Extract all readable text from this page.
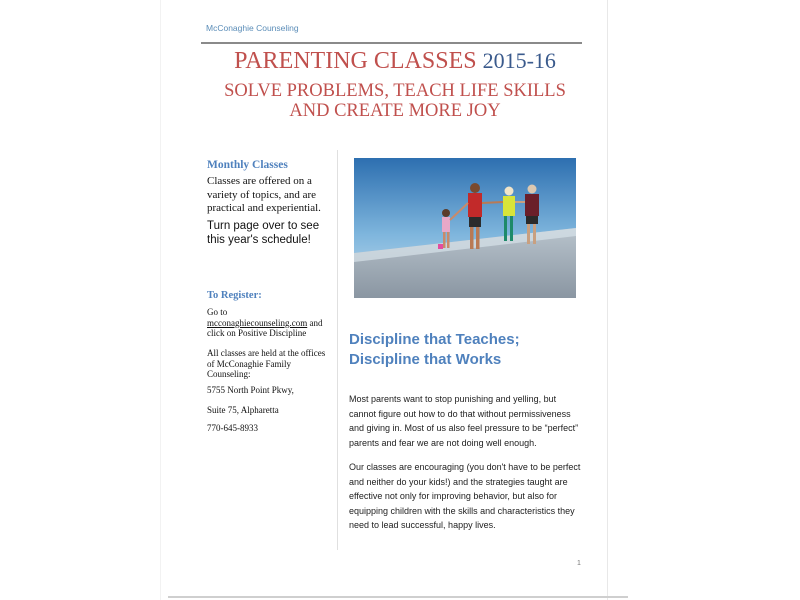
McConaghie Counseling
PARENTING CLASSES 2015-16
SOLVE PROBLEMS, TEACH LIFE SKILLS
AND CREATE MORE JOY
Monthly Classes
Classes are offered on a variety of topics, and are practical and experiential.
Turn page over to see this year's schedule!
To Register:
Go to
mcconaghiecounseling.com and click on Positive Discipline
All classes are held at the offices of McConaghie Family Counseling:
5755 North Point Pkwy,
Suite 75, Alpharetta
770-645-8933
Discipline that Teaches;
Discipline that Works
Most parents want to stop punishing and yelling, but cannot figure out how to do that without permissiveness and giving in. Most of us also feel pressure to be “perfect” parents and fear we are not doing well enough.
Our classes are encouraging (you don't have to be perfect and neither do your kids!) and the strategies taught are effective not only for improving behavior, but also for equipping children with the skills and characteristics they need to lead successful, happy lives.
1
